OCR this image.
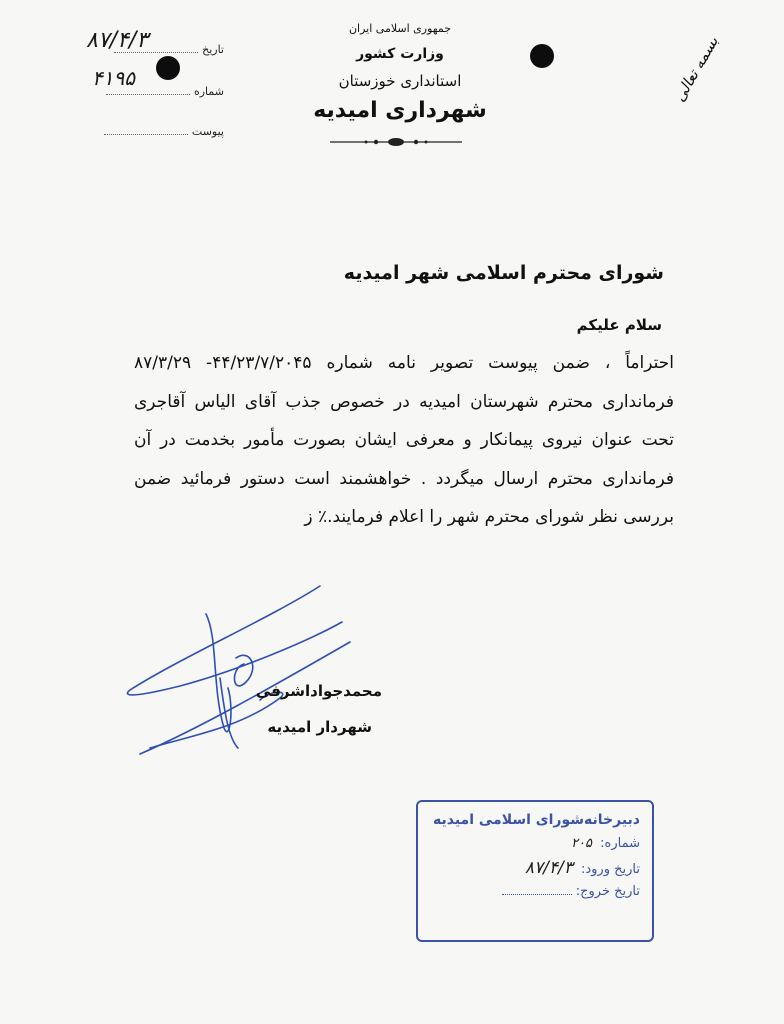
بسمه تعالی
جمهوری اسلامی ایران
وزارت کشور
استانداری خوزستان
شهرداری امیدیه
تاریخ
۸۷/۴/۳
شماره
۴۱۹۵
پیوست
شورای محترم اسلامی شهر امیدیه
سلام علیکم
احتراماً ، ضمن پیوست تصویر نامه شماره ۴۴/۲۳/۷/۲۰۴۵- ۸۷/۳/۲۹ فرمانداری محترم شهرستان امیدیه در خصوص جذب آقای الیاس آقاجری تحت عنوان نیروی پیمانکار و معرفی ایشان بصورت مأمور بخدمت در آن فرمانداری محترم ارسال میگردد . خواهشمند است دستور فرمائید ضمن بررسی نظر شورای محترم شهر را اعلام فرمایند.٪ ز
محمدجواداشرفی
شهردار امیدیه
دبیرخانه‌شورای اسلامی امیدیه
شماره: ۲۰۵
تاریخ ورود: ۸۷/۴/۳
تاریخ خروج:
